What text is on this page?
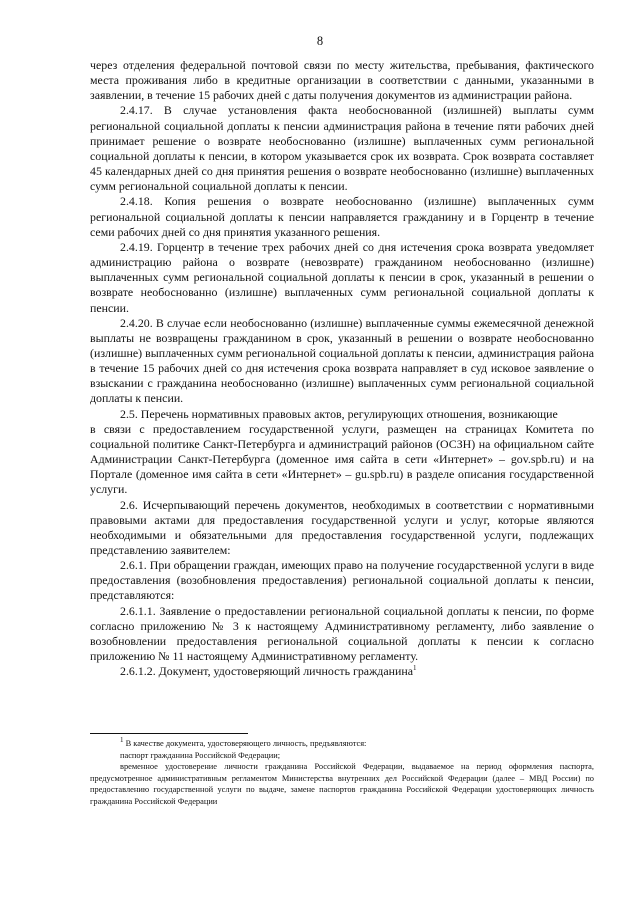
8

через отделения федеральной почтовой связи по месту жительства, пребывания, фактического места проживания либо в кредитные организации в соответствии с данными, указанными в заявлении, в течение 15 рабочих дней с даты получения документов из администрации района.

2.4.17. В случае установления факта необоснованной (излишней) выплаты сумм региональной социальной доплаты к пенсии администрация района в течение пяти рабочих дней принимает решение о возврате необоснованно (излишне) выплаченных сумм региональной социальной доплаты к пенсии, в котором указывается срок их возврата. Срок возврата составляет 45 календарных дней со дня принятия решения о возврате необоснованно (излишне) выплаченных сумм региональной социальной доплаты к пенсии.

2.4.18. Копия решения о возврате необоснованно (излишне) выплаченных сумм региональной социальной доплаты к пенсии направляется гражданину и в Горцентр в течение семи рабочих дней со дня принятия указанного решения.

2.4.19. Горцентр в течение трех рабочих дней со дня истечения срока возврата уведомляет администрацию района о возврате (невозврате) гражданином необоснованно (излишне) выплаченных сумм региональной социальной доплаты к пенсии в срок, указанный в решении о возврате необоснованно (излишне) выплаченных сумм региональной социальной доплаты к пенсии.

2.4.20. В случае если необоснованно (излишне) выплаченные суммы ежемесячной денежной выплаты не возвращены гражданином в срок, указанный в решении о возврате необоснованно (излишне) выплаченных сумм региональной социальной доплаты к пенсии, администрация района в течение 15 рабочих дней со дня истечения срока возврата направляет в суд исковое заявление о взыскании с гражданина необоснованно (излишне) выплаченных сумм региональной социальной доплаты к пенсии.

2.5. Перечень нормативных правовых актов, регулирующих отношения, возникающие

в связи с предоставлением государственной услуги, размещен на страницах Комитета по социальной политике Санкт-Петербурга и администраций районов (ОСЗН) на официальном сайте Администрации Санкт-Петербурга (доменное имя сайта в сети «Интернет» – gov.spb.ru) и на Портале (доменное имя сайта в сети «Интернет» – gu.spb.ru) в разделе описания государственной услуги.

2.6. Исчерпывающий перечень документов, необходимых в соответствии с нормативными правовыми актами для предоставления государственной услуги и услуг, которые являются необходимыми и обязательными для предоставления государственной услуги, подлежащих представлению заявителем:

2.6.1. При обращении граждан, имеющих право на получение государственной услуги в виде предоставления (возобновления предоставления) региональной социальной доплаты к пенсии, представляются:

2.6.1.1. Заявление о предоставлении региональной социальной доплаты к пенсии, по форме согласно приложению № 3 к настоящему Административному регламенту, либо заявление о возобновлении предоставления региональной социальной доплаты к пенсии к согласно приложению № 11 настоящему Административному регламенту.

2.6.1.2. Документ, удостоверяющий личность гражданина$^1$

$^1$ В качестве документа, удостоверяющего личность, предъявляются:

паспорт гражданина Российской Федерации;

временное удостоверение личности гражданина Российской Федерации, выдаваемое на период оформления паспорта, предусмотренное административным регламентом Министерства внутренних дел Российской Федерации (далее – МВД России) по предоставлению государственной услуги по выдаче, замене паспортов гражданина Российской Федерации удостоверяющих личность гражданина Российской Федерации
